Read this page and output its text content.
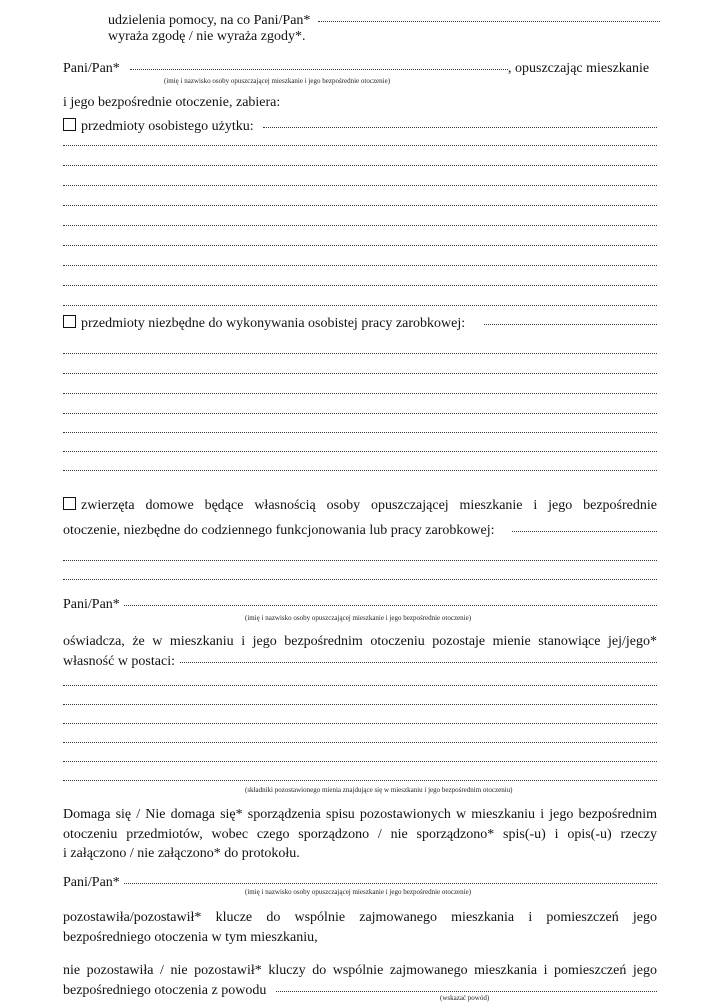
udzielenia pomocy, na co Pani/Pan*
wyraża zgodę / nie wyraża zgody*.
Pani/Pan*	, opuszczając mieszkanie
(imię i nazwisko osoby opuszczającej mieszkanie i jego bezpośrednie otoczenie)
i jego bezpośrednie otoczenie, zabiera:
przedmioty osobistego użytku:
przedmioty niezbędne do wykonywania osobistej pracy zarobkowej:
zwierzęta domowe będące własnością osoby opuszczającej mieszkanie i jego bezpośrednie
otoczenie, niezbędne do codziennego funkcjonowania lub pracy zarobkowej:
Pani/Pan*
(imię i nazwisko osoby opuszczającej mieszkanie i jego bezpośrednie otoczenie)
oświadcza, że w mieszkaniu i jego bezpośrednim otoczeniu pozostaje mienie stanowiące jej/jego*
własność w postaci:
(składniki pozostawionego mienia znajdujące się w mieszkaniu i jego bezpośrednim otoczeniu)
Domaga się / Nie domaga się* sporządzenia spisu pozostawionych w mieszkaniu i jego bezpośrednim
otoczeniu przedmiotów, wobec czego sporządzono / nie sporządzono* spis(-u) i opis(-u) rzeczy
i załączono / nie załączono* do protokołu.
Pani/Pan*
(imię i nazwisko osoby opuszczającej mieszkanie i jego bezpośrednie otoczenie)
pozostawiła/pozostawił* klucze do wspólnie zajmowanego mieszkania i pomieszczeń jego
bezpośredniego otoczenia w tym mieszkaniu,
nie pozostawiła / nie pozostawił* kluczy do wspólnie zajmowanego mieszkania i pomieszczeń jego
bezpośredniego otoczenia z powodu	(wskazać powód)
